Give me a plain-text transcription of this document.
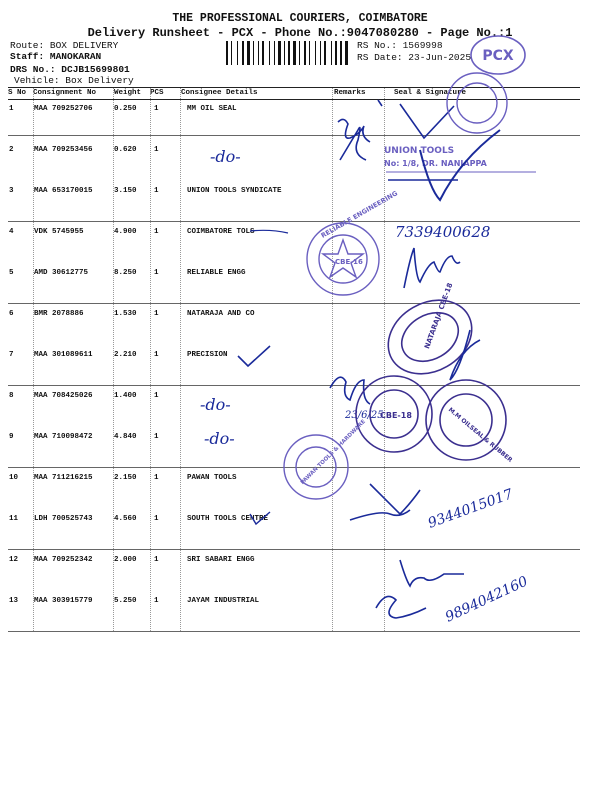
THE PROFESSIONAL COURIERS, COIMBATORE
Delivery Runsheet - PCX - Phone No.:9047080280 - Page No.:1
Route: BOX DELIVERY
Staff: MANOKARAN
DRS No.: DCJB15699801
Vehicle: Box Delivery
RS No.: 1569998
RS Date: 23-Jun-2025 PCX
S No Consignment No Weight PCS Consignee Details	Remarks	Seal & Signature
1	MAA 709252706	0.250 1	MM OIL SEAL
2	MAA 709253456	0.620 1
3	MAA 653170015	3.150 1	UNION TOOLS SYNDICATE
4	VDK 5745955	4.900 1	COIMBATORE TOLS
5	AMD 30612775	8.250 1	RELIABLE ENGG
6	BMR 2078886	1.530 1	NATARAJA AND CO
7	MAA 301089611	2.210 1	PRECISION
8	MAA 708425026	1.400 1
9	MAA 710098472	4.840 1
10 MAA 711216215	2.150 1	PAWAN TOOLS
11 LDH 700525743	4.560 1	SOUTH TOOLS CENTRE
12 MAA 709252342	2.000 1	SRI SABARI ENGG
13 MAA 303915779	5.250 1	JAYAM INDUSTRIAL
UNION TOOLS
No: 1/8, DR. NANJAPPA
-do-
7339400628
RELIABLE ENGINEERING
CBE-16
NATARAJA CBE-18
-do-
-do-
23/6/25
CBE-18	M.M OILSEAL & RUBBER
PAWAN TOOLS & HARDWARE
9344015017
9894042160
